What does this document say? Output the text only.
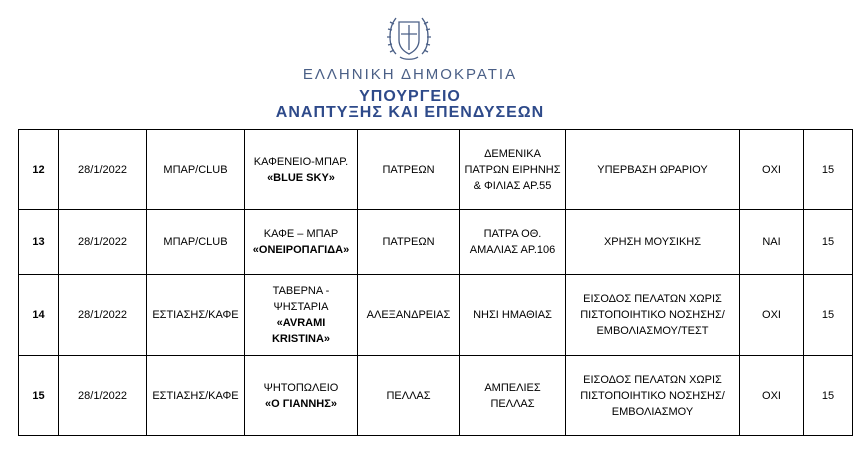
ΕΛΛΗΝΙΚΗ ΔΗΜΟΚΡΑΤΙΑ
ΥΠΟΥΡΓΕΙΟ
ΑΝΑΠΤΥΞΗΣ ΚΑΙ ΕΠΕΝΔΥΣΕΩΝ
12	28/1/2022	ΜΠΑΡ/CLUB	ΚΑΦΕΝΕΙΟ-ΜΠΑΡ.
«BLUE SKY»	ΠΑΤΡΕΩΝ	ΔΕΜΕΝΙΚΑ ΠΑΤΡΩΝ ΕΙΡΗΝΗΣ & ΦΙΛΙΑΣ ΑΡ.55	ΥΠΕΡΒΑΣΗ ΩΡΑΡΙΟΥ	ΟΧΙ	15
13	28/1/2022	ΜΠΑΡ/CLUB	ΚΑΦΕ – ΜΠΑΡ
«ΟΝΕΙΡΟΠΑΓΙΔΑ»	ΠΑΤΡΕΩΝ	ΠΑΤΡΑ ΟΘ. ΑΜΑΛΙΑΣ ΑΡ.106	ΧΡΗΣΗ ΜΟΥΣΙΚΗΣ	ΝΑΙ	15
14	28/1/2022	ΕΣΤΙΑΣΗΣ/ΚΑΦΕ	ΤΑΒΕΡΝΑ - ΨΗΣΤΑΡΙΑ
«AVRAMI KRISTINA»	ΑΛΕΞΑΝΔΡΕΙΑΣ	ΝΗΣΙ ΗΜΑΘΙΑΣ	ΕΙΣΟΔΟΣ ΠΕΛΑΤΩΝ ΧΩΡΙΣ ΠΙΣΤΟΠΟΙΗΤΙΚΟ ΝΟΣΗΣΗΣ/ΕΜΒΟΛΙΑΣΜΟΥ/ΤΕΣΤ	ΟΧΙ	15
15	28/1/2022	ΕΣΤΙΑΣΗΣ/ΚΑΦΕ	ΨΗΤΟΠΩΛΕΙΟ
«Ο ΓΙΑΝΝΗΣ»	ΠΕΛΛΑΣ	ΑΜΠΕΛΙΕΣ ΠΕΛΛΑΣ	ΕΙΣΟΔΟΣ ΠΕΛΑΤΩΝ ΧΩΡΙΣ ΠΙΣΤΟΠΟΙΗΤΙΚΟ ΝΟΣΗΣΗΣ/ΕΜΒΟΛΙΑΣΜΟΥ	ΟΧΙ	15
